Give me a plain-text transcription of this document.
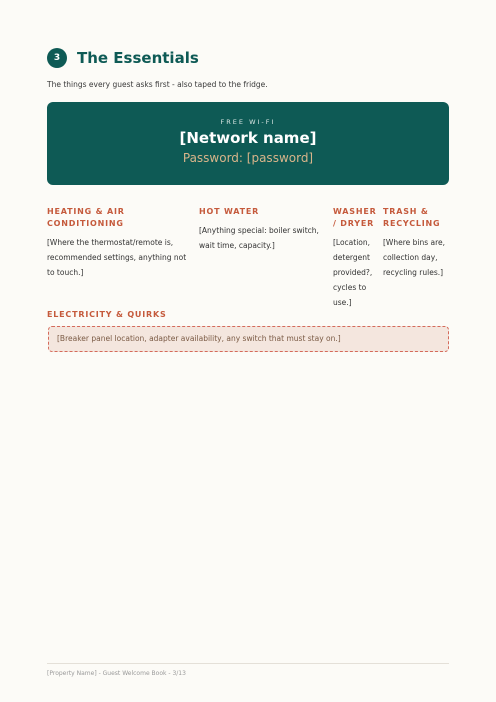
3	The Essentials
The things every guest asks first - also taped to the fridge.
FREE WI-FI
[Network name]
Password: [password]
HEATING & AIR CONDITIONING
[Where the thermostat/remote is, recommended settings, anything not to touch.]
HOT WATER
[Anything special: boiler switch, wait time, capacity.]
WASHER / DRYER
[Location, detergent provided?, cycles to use.]
TRASH & RECYCLING
[Where bins are, collection day, recycling rules.]
ELECTRICITY & QUIRKS
[Breaker panel location, adapter availability, any switch that must stay on.]
[Property Name] - Guest Welcome Book - 3/13
